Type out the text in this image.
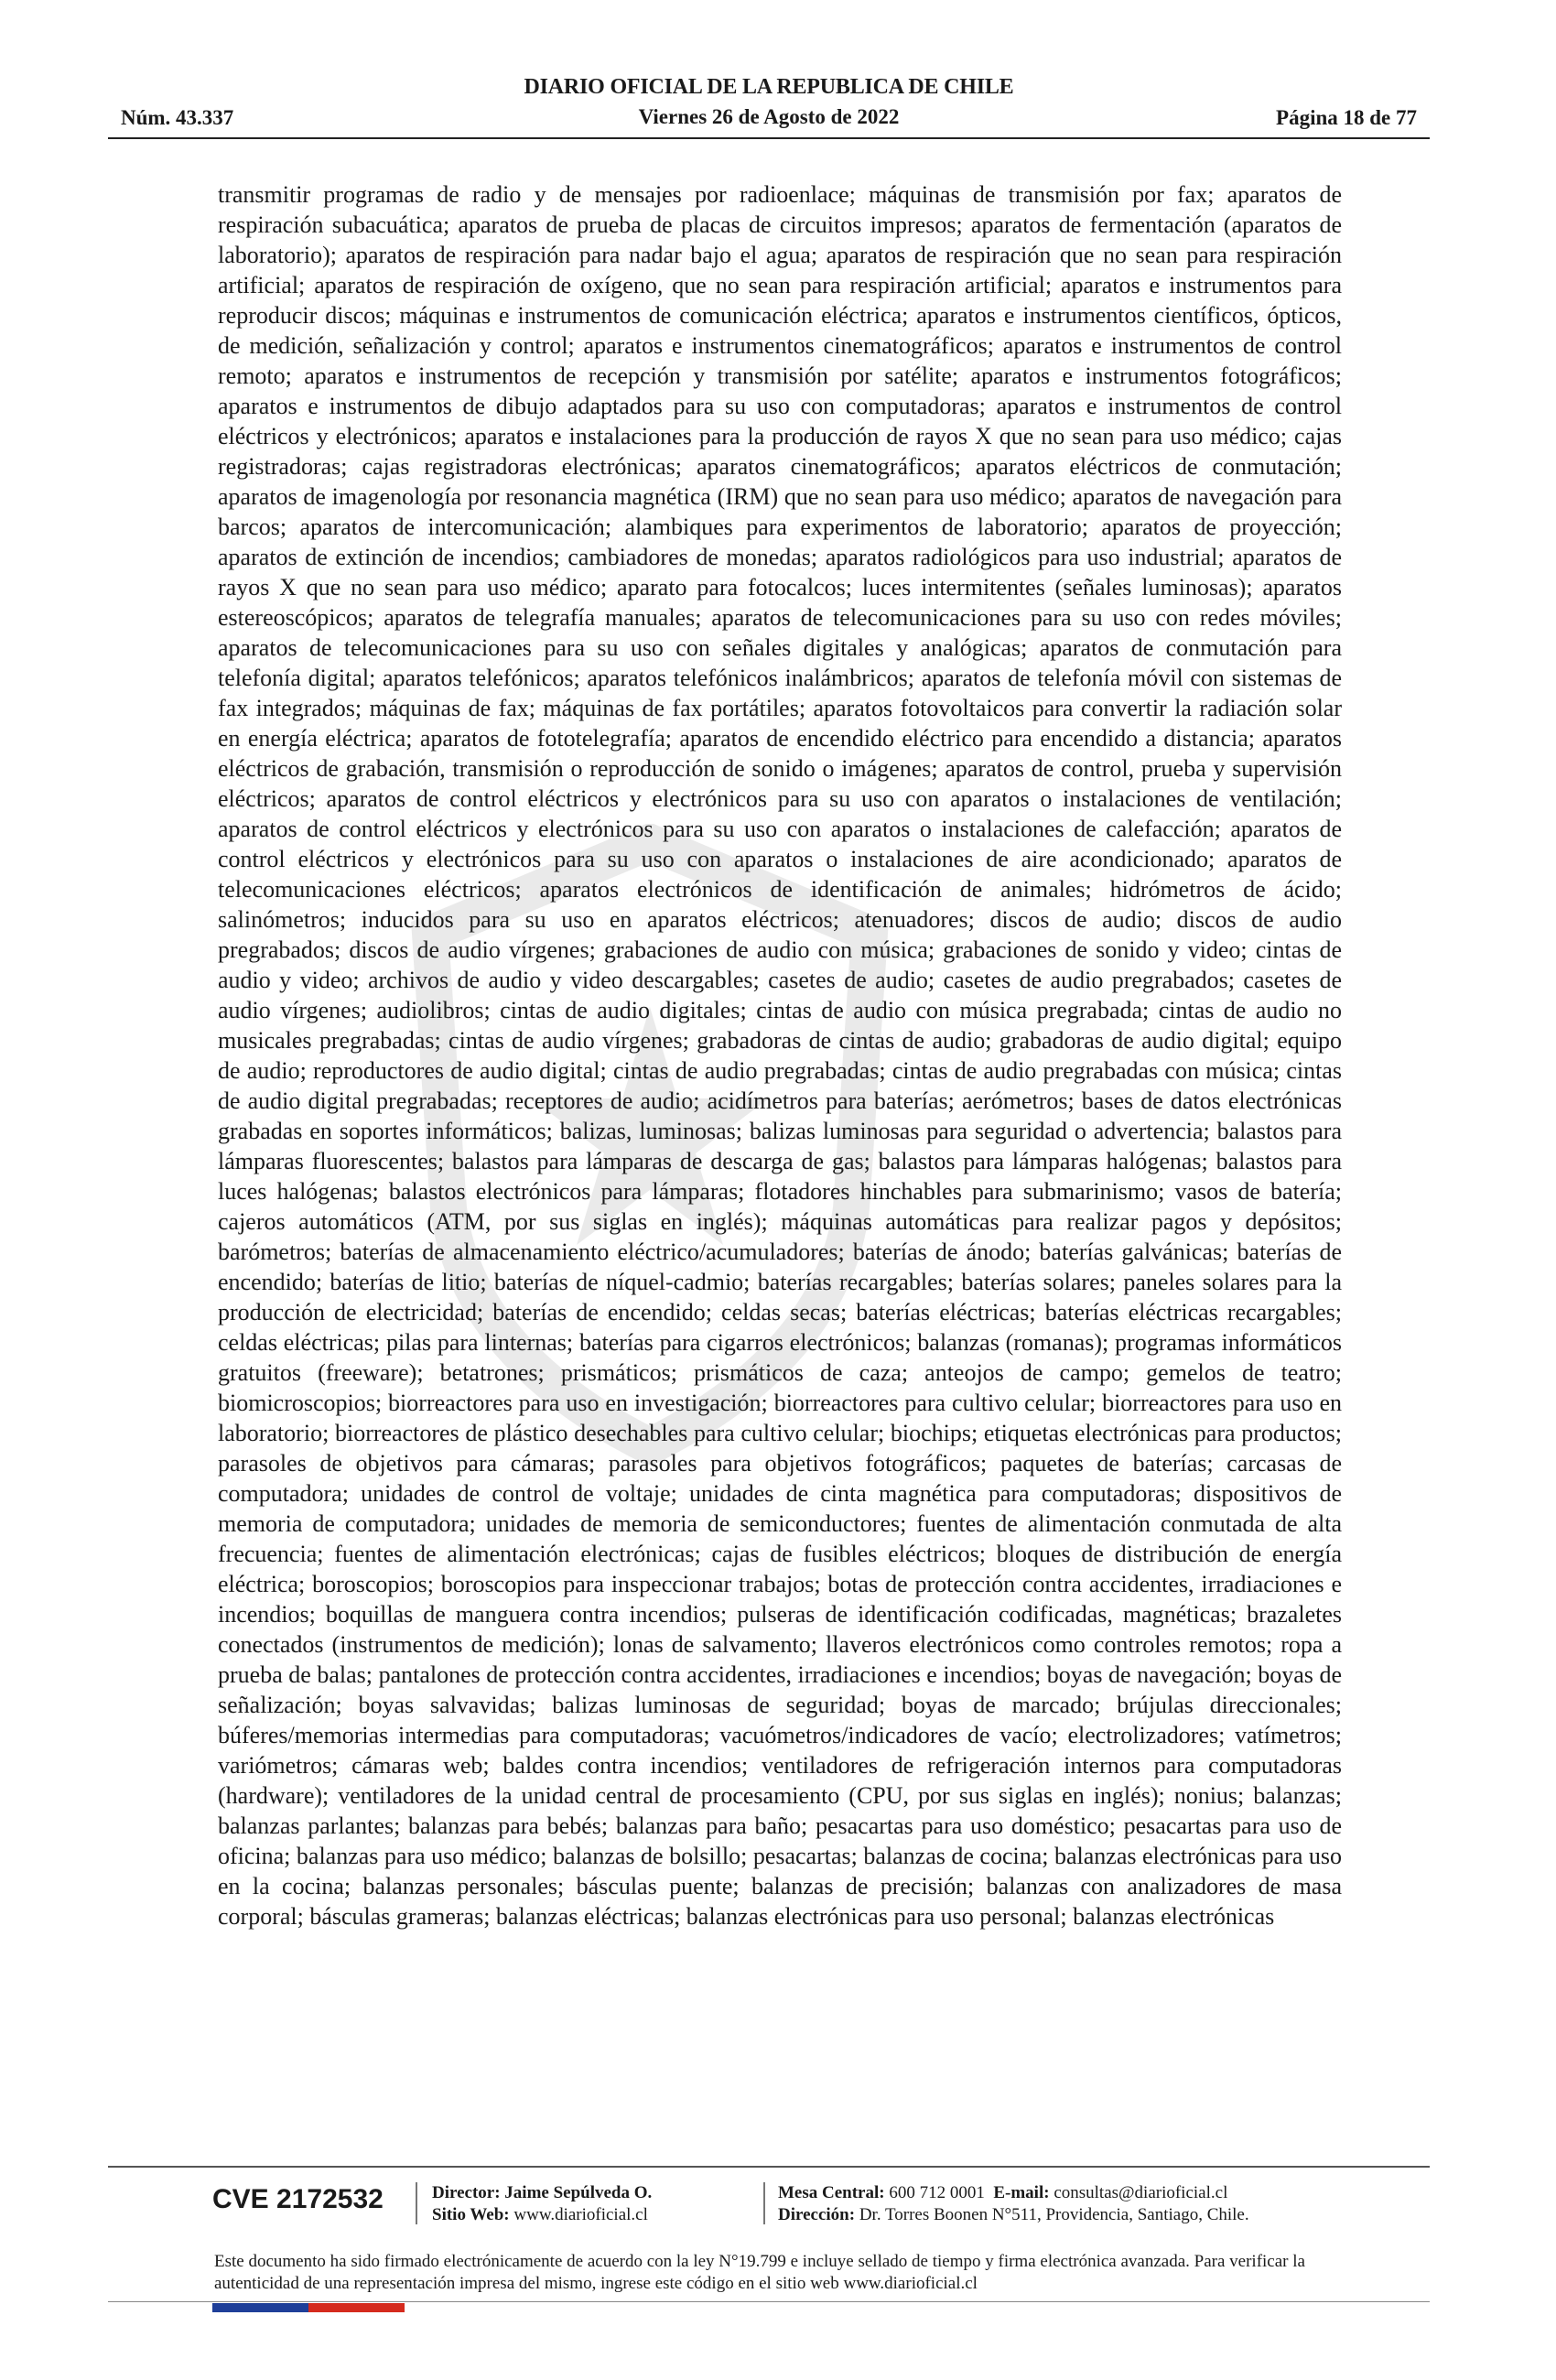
Núm. 43.337
DIARIO OFICIAL DE LA REPUBLICA DE CHILE
Viernes 26 de Agosto de 2022	Página 18 de 77
transmitir programas de radio y de mensajes por radioenlace; máquinas de transmisión por fax; aparatos de respiración subacuática; aparatos de prueba de placas de circuitos impresos; aparatos de fermentación (aparatos de laboratorio); aparatos de respiración para nadar bajo el agua; aparatos de respiración que no sean para respiración artificial; aparatos de respiración de oxígeno, que no sean para respiración artificial; aparatos e instrumentos para reproducir discos; máquinas e instrumentos de comunicación eléctrica; aparatos e instrumentos científicos, ópticos, de medición, señalización y control; aparatos e instrumentos cinematográficos; aparatos e instrumentos de control remoto; aparatos e instrumentos de recepción y transmisión por satélite; aparatos e instrumentos fotográficos; aparatos e instrumentos de dibujo adaptados para su uso con computadoras; aparatos e instrumentos de control eléctricos y electrónicos; aparatos e instalaciones para la producción de rayos X que no sean para uso médico; cajas registradoras; cajas registradoras electrónicas; aparatos cinematográficos; aparatos eléctricos de conmutación; aparatos de imagenología por resonancia magnética (IRM) que no sean para uso médico; aparatos de navegación para barcos; aparatos de intercomunicación; alambiques para experimentos de laboratorio; aparatos de proyección; aparatos de extinción de incendios; cambiadores de monedas; aparatos radiológicos para uso industrial; aparatos de rayos X que no sean para uso médico; aparato para fotocalcos; luces intermitentes (señales luminosas); aparatos estereoscópicos; aparatos de telegrafía manuales; aparatos de telecomunicaciones para su uso con redes móviles; aparatos de telecomunicaciones para su uso con señales digitales y analógicas; aparatos de conmutación para telefonía digital; aparatos telefónicos; aparatos telefónicos inalámbricos; aparatos de telefonía móvil con sistemas de fax integrados; máquinas de fax; máquinas de fax portátiles; aparatos fotovoltaicos para convertir la radiación solar en energía eléctrica; aparatos de fototelegrafía; aparatos de encendido eléctrico para encendido a distancia; aparatos eléctricos de grabación, transmisión o reproducción de sonido o imágenes; aparatos de control, prueba y supervisión eléctricos; aparatos de control eléctricos y electrónicos para su uso con aparatos o instalaciones de ventilación; aparatos de control eléctricos y electrónicos para su uso con aparatos o instalaciones de calefacción; aparatos de control eléctricos y electrónicos para su uso con aparatos o instalaciones de aire acondicionado; aparatos de telecomunicaciones eléctricos; aparatos electrónicos de identificación de animales; hidrómetros de ácido; salinómetros; inducidos para su uso en aparatos eléctricos; atenuadores; discos de audio; discos de audio pregrabados; discos de audio vírgenes; grabaciones de audio con música; grabaciones de sonido y video; cintas de audio y video; archivos de audio y video descargables; casetes de audio; casetes de audio pregrabados; casetes de audio vírgenes; audiolibros; cintas de audio digitales; cintas de audio con música pregrabada; cintas de audio no musicales pregrabadas; cintas de audio vírgenes; grabadoras de cintas de audio; grabadoras de audio digital; equipo de audio; reproductores de audio digital; cintas de audio pregrabadas; cintas de audio pregrabadas con música; cintas de audio digital pregrabadas; receptores de audio; acidímetros para baterías; aerómetros; bases de datos electrónicas grabadas en soportes informáticos; balizas, luminosas; balizas luminosas para seguridad o advertencia; balastos para lámparas fluorescentes; balastos para lámparas de descarga de gas; balastos para lámparas halógenas; balastos para luces halógenas; balastos electrónicos para lámparas; flotadores hinchables para submarinismo; vasos de batería; cajeros automáticos (ATM, por sus siglas en inglés); máquinas automáticas para realizar pagos y depósitos; barómetros; baterías de almacenamiento eléctrico/acumuladores; baterías de ánodo; baterías galvánicas; baterías de encendido; baterías de litio; baterías de níquel-cadmio; baterías recargables; baterías solares; paneles solares para la producción de electricidad; baterías de encendido; celdas secas; baterías eléctricas; baterías eléctricas recargables; celdas eléctricas; pilas para linternas; baterías para cigarros electrónicos; balanzas (romanas); programas informáticos gratuitos (freeware); betatrones; prismáticos; prismáticos de caza; anteojos de campo; gemelos de teatro; biomicroscopios; biorreactores para uso en investigación; biorreactores para cultivo celular; biorreactores para uso en laboratorio; biorreactores de plástico desechables para cultivo celular; biochips; etiquetas electrónicas para productos; parasoles de objetivos para cámaras; parasoles para objetivos fotográficos; paquetes de baterías; carcasas de computadora; unidades de control de voltaje; unidades de cinta magnética para computadoras; dispositivos de memoria de computadora; unidades de memoria de semiconductores; fuentes de alimentación conmutada de alta frecuencia; fuentes de alimentación electrónicas; cajas de fusibles eléctricos; bloques de distribución de energía eléctrica; boroscopios; boroscopios para inspeccionar trabajos; botas de protección contra accidentes, irradiaciones e incendios; boquillas de manguera contra incendios; pulseras de identificación codificadas, magnéticas; brazaletes conectados (instrumentos de medición); lonas de salvamento; llaveros electrónicos como controles remotos; ropa a prueba de balas; pantalones de protección contra accidentes, irradiaciones e incendios; boyas de navegación; boyas de señalización; boyas salvavidas; balizas luminosas de seguridad; boyas de marcado; brújulas direccionales; búferes/memorias intermedias para computadoras; vacuómetros/indicadores de vacío; electrolizadores; vatímetros; variómetros; cámaras web; baldes contra incendios; ventiladores de refrigeración internos para computadoras (hardware); ventiladores de la unidad central de procesamiento (CPU, por sus siglas en inglés); nonius; balanzas; balanzas parlantes; balanzas para bebés; balanzas para baño; pesacartas para uso doméstico; pesacartas para uso de oficina; balanzas para uso médico; balanzas de bolsillo; pesacartas; balanzas de cocina; balanzas electrónicas para uso en la cocina; balanzas personales; básculas puente; balanzas de precisión; balanzas con analizadores de masa corporal; básculas grameras; balanzas eléctricas; balanzas electrónicas para uso personal; balanzas electrónicas
CVE 2172532	Director: Jaime Sepúlveda O.
Sitio Web: www.diarioficial.cl
Mesa Central: 600 712 0001 E-mail: consultas@diarioficial.cl
Dirección: Dr. Torres Boonen N°511, Providencia, Santiago, Chile.
Este documento ha sido firmado electrónicamente de acuerdo con la ley N°19.799 e incluye sellado de tiempo y firma electrónica avanzada. Para verificar la autenticidad de una representación impresa del mismo, ingrese este código en el sitio web www.diarioficial.cl
